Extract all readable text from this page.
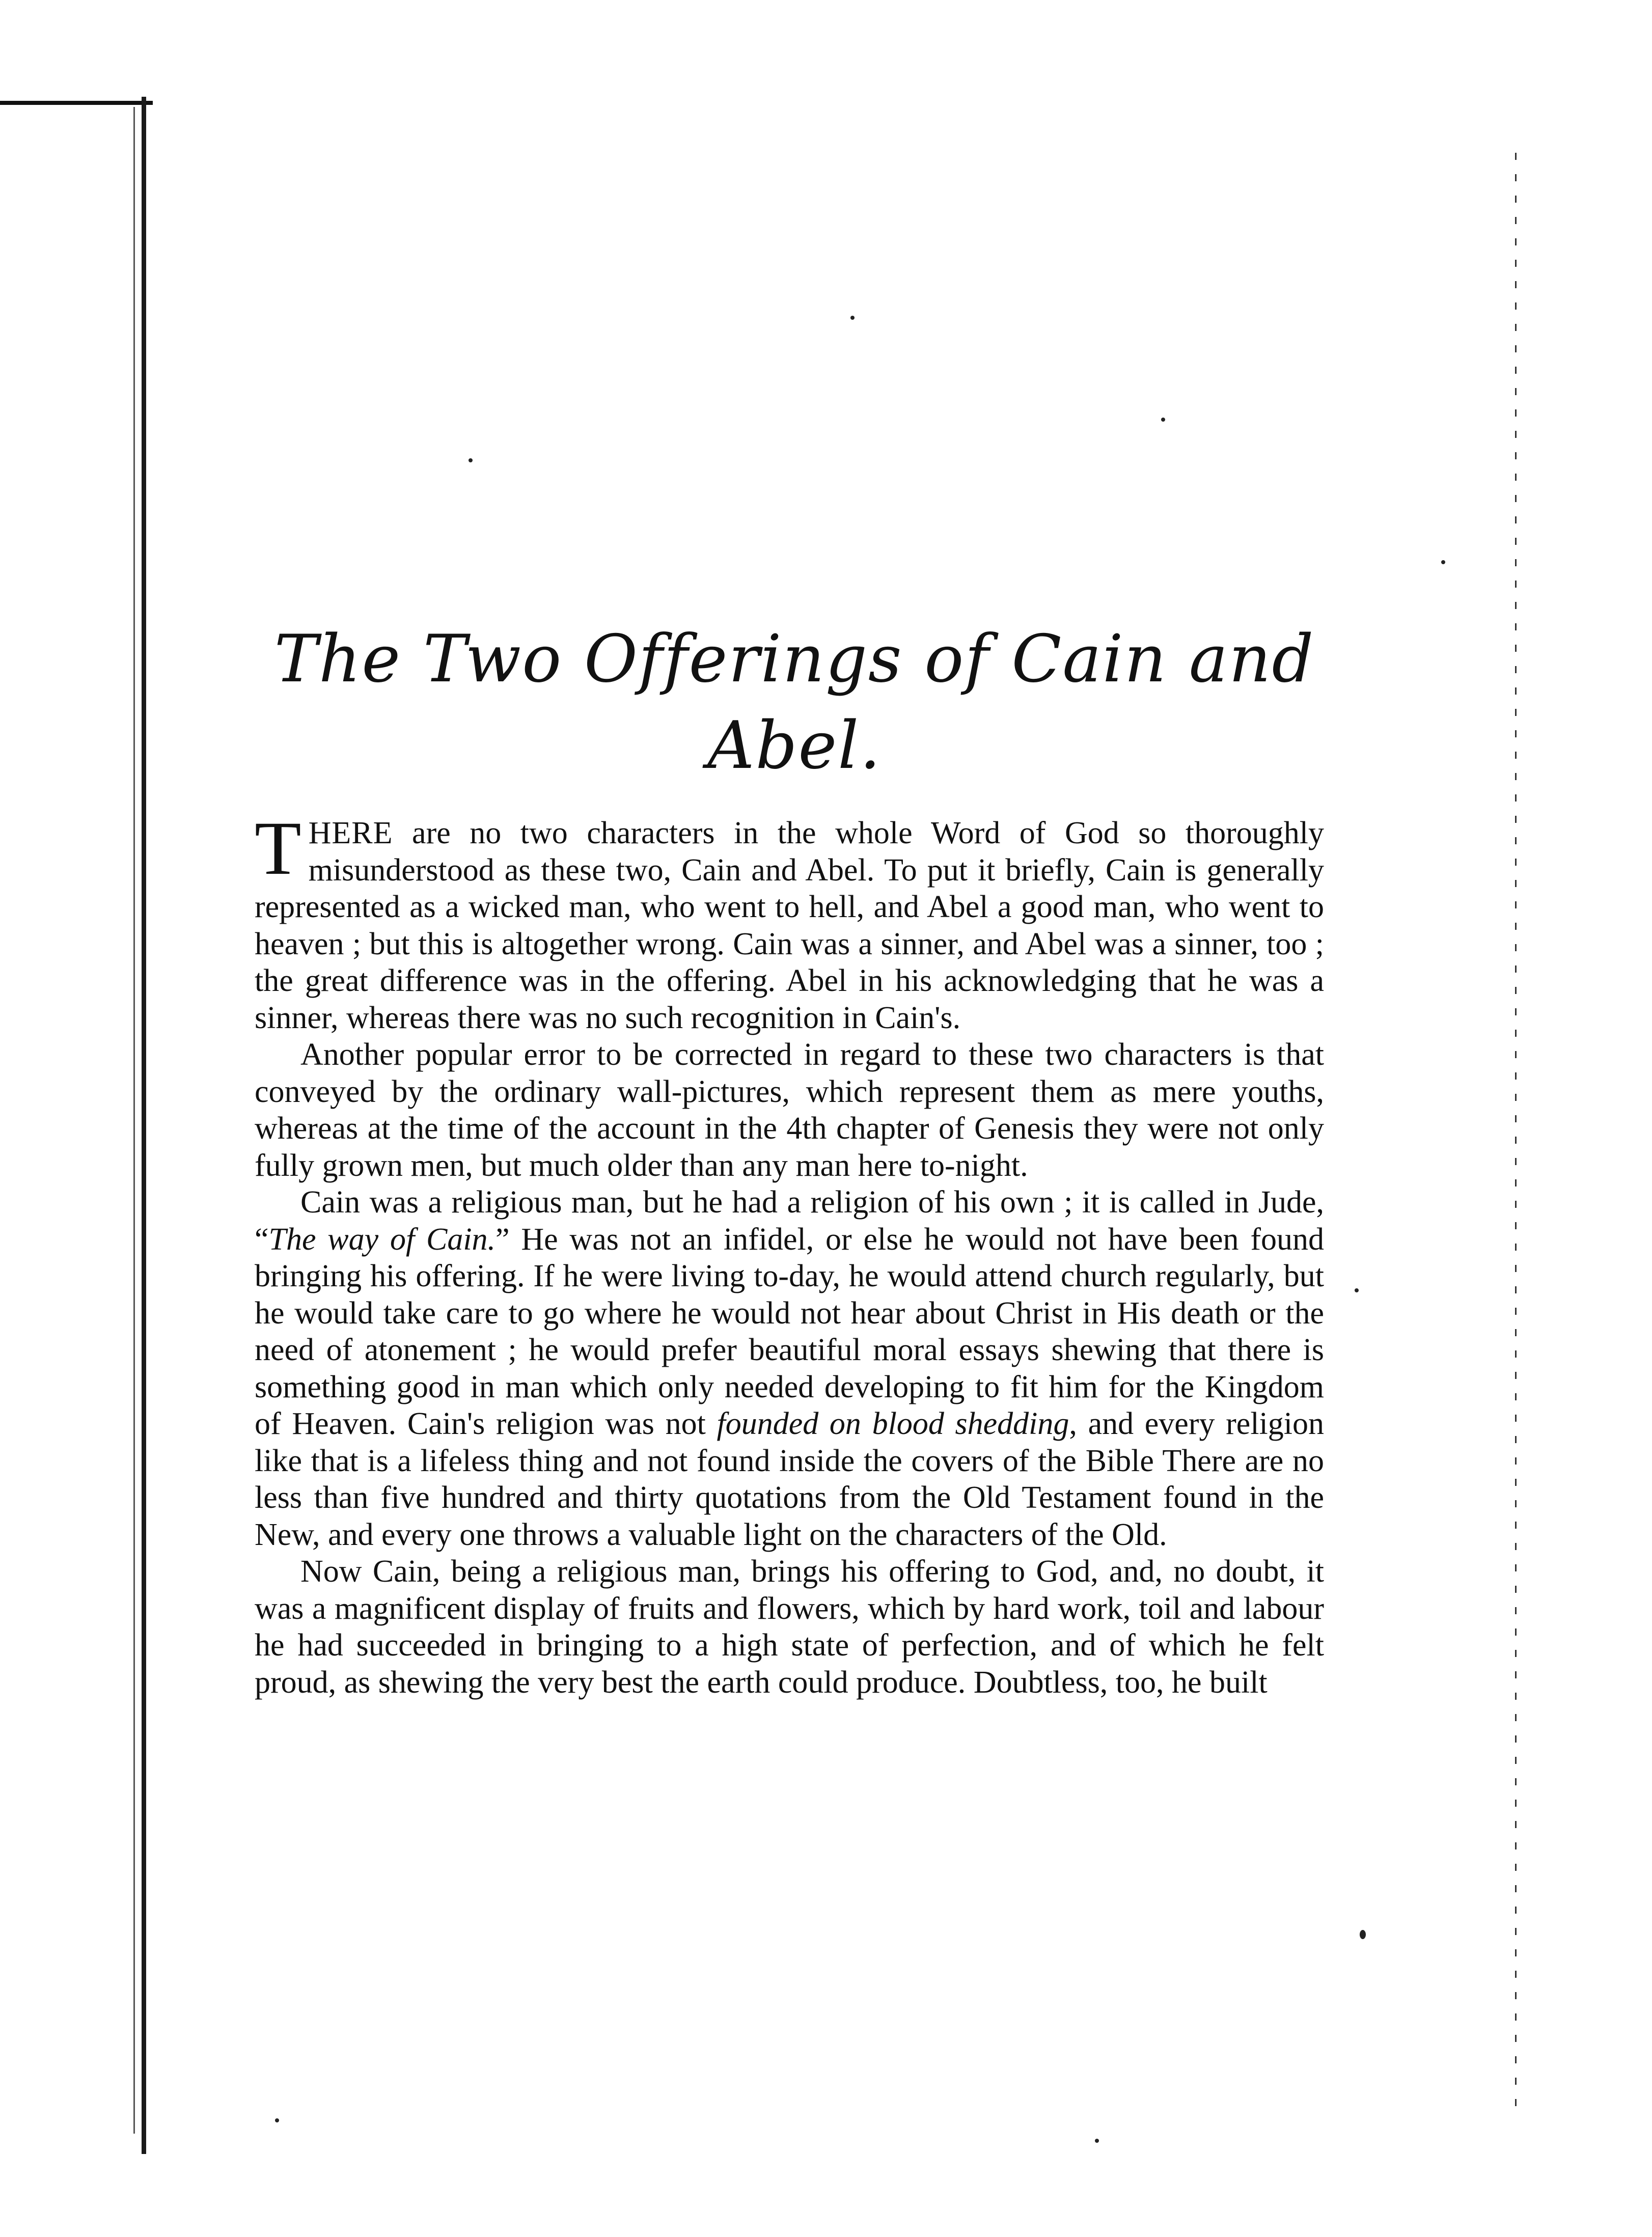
The Two Offerings of Cain and
Abel.

THERE are no two characters in the whole Word of God so thoroughly misunderstood as these two, Cain and Abel. To put it briefly, Cain is generally represented as a wicked man, who went to hell, and Abel a good man, who went to heaven ; but this is altogether wrong. Cain was a sinner, and Abel was a sinner, too ; the great difference was in the offering. Abel in his acknowledging that he was a sinner, whereas there was no such recognition in Cain's.

Another popular error to be corrected in regard to these two characters is that conveyed by the ordinary wall-pictures, which represent them as mere youths, whereas at the time of the account in the 4th chapter of Genesis they were not only fully grown men, but much older than any man here to-night.

Cain was a religious man, but he had a religion of his own ; it is called in Jude, “The way of Cain.” He was not an infidel, or else he would not have been found bringing his offering. If he were living to-day, he would attend church regularly, but he would take care to go where he would not hear about Christ in His death or the need of atonement ; he would prefer beautiful moral essays shewing that there is something good in man which only needed developing to fit him for the Kingdom of Heaven. Cain's religion was not founded on blood shedding, and every religion like that is a lifeless thing and not found inside the covers of the Bible There are no less than five hundred and thirty quotations from the Old Testament found in the New, and every one throws a valuable light on the characters of the Old.

Now Cain, being a religious man, brings his offering to God, and, no doubt, it was a magnificent display of fruits and flowers, which by hard work, toil and labour he had succeeded in bringing to a high state of perfection, and of which he felt proud, as shewing the very best the earth could produce. Doubtless, too, he built
